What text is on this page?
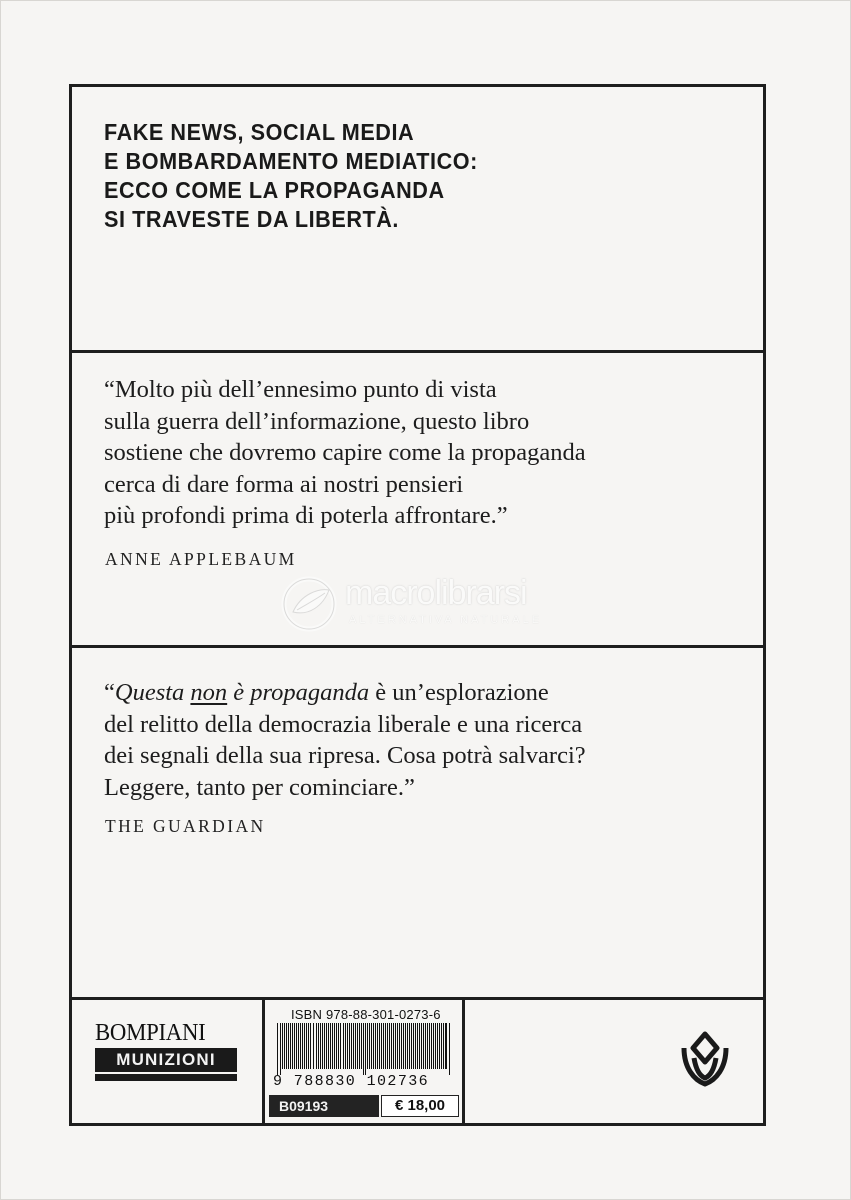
FAKE NEWS, SOCIAL MEDIA
E BOMBARDAMENTO MEDIATICO:
ECCO COME LA PROPAGANDA
SI TRAVESTE DA LIBERTÀ.
“Molto più dell’ennesimo punto di vista
sulla guerra dell’informazione, questo libro
sostiene che dovremo capire come la propaganda
cerca di dare forma ai nostri pensieri
più profondi prima di poterla affrontare.”
ANNE APPLEBAUM
macrolibrarsi
ALTERNATIVA NATURALE
“Questa non è propaganda è un’esplorazione
del relitto della democrazia liberale e una ricerca
dei segnali della sua ripresa. Cosa potrà salvarci?
Leggere, tanto per cominciare.”
THE GUARDIAN
BOMPIANI
MUNIZIONI
ISBN 978-88-301-0273-6
9 788830 102736
B09193	€ 18,00
